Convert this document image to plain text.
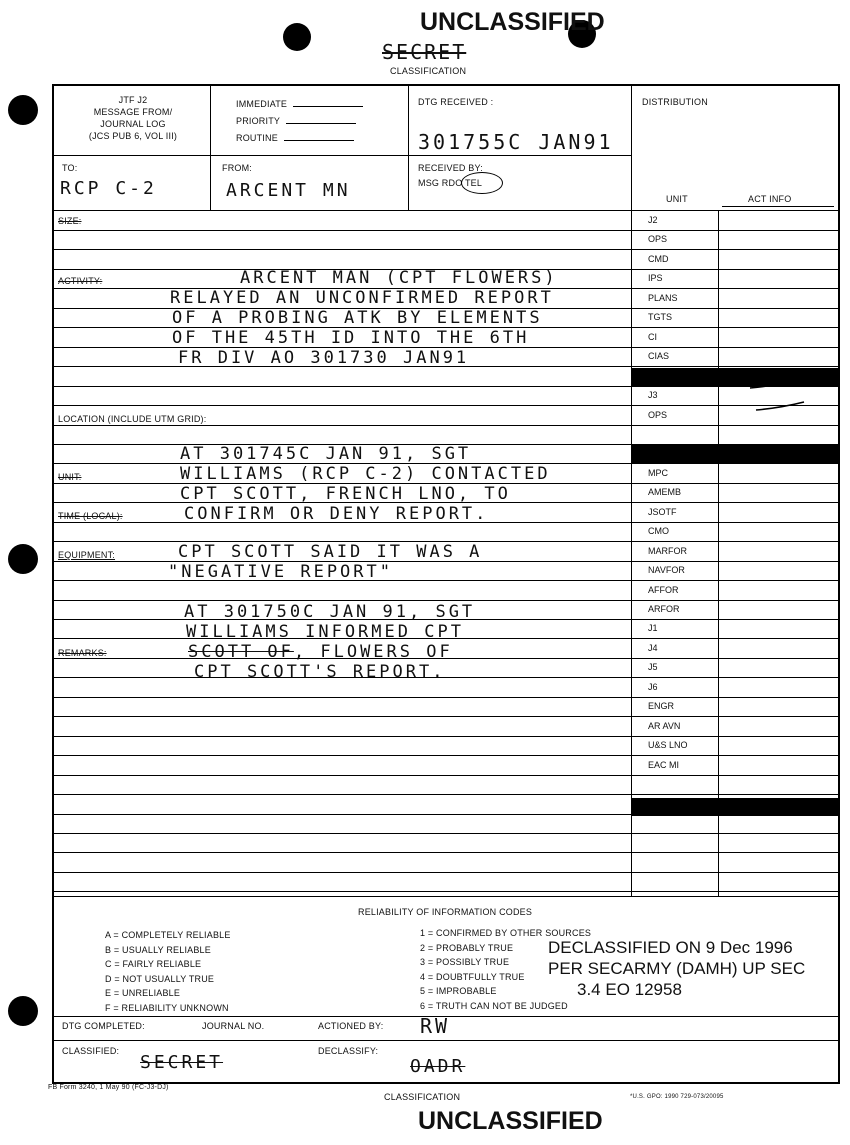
UNCLASSIFIED
SECRET
CLASSIFICATION
JTF J2
MESSAGE FROM/
JOURNAL LOG
(JCS PUB 6, VOL III)
IMMEDIATE
PRIORITY
ROUTINE
DTG RECEIVED :
301755C JAN91
DISTRIBUTION
TO:
RCP C-2
FROM:
ARCENT MN
RECEIVED BY:
MSG RDO TEL
UNIT	ACT INFO
SIZE:
ACTIVITY:
LOCATION (INCLUDE UTM GRID):
UNIT:
TIME (LOCAL):
EQUIPMENT:
REMARKS:
ARCENT MAN (CPT FLOWERS)
RELAYED AN UNCONFIRMED REPORT
OF A PROBING ATK BY ELEMENTS
OF THE 45TH ID INTO THE 6TH
FR DIV AO 301730 JAN91
AT 301745C JAN 91, SGT
WILLIAMS (RCP C-2) CONTACTED
CPT SCOTT, FRENCH LNO, TO
CONFIRM OR DENY REPORT.
CPT SCOTT SAID IT WAS A
"NEGATIVE REPORT"
AT 301750C JAN 91, SGT
WILLIAMS INFORMED CPT
SCOTT OF, FLOWERS OF
CPT SCOTT'S REPORT.
J2
OPS
CMD
IPS
PLANS
TGTS
CI
CIAS
J3
OPS
MPC
AMEMB
JSOTF
CMO
MARFOR
NAVFOR
AFFOR
ARFOR
J1
J4
J5
J6
ENGR
AR AVN
U&S LNO
EAC MI
RELIABILITY OF INFORMATION CODES
A = COMPLETELY RELIABLE
B = USUALLY RELIABLE
C = FAIRLY RELIABLE
D = NOT USUALLY TRUE
E = UNRELIABLE
F = RELIABILITY UNKNOWN
1 = CONFIRMED BY OTHER SOURCES
2 = PROBABLY TRUE
3 = POSSIBLY TRUE
4 = DOUBTFULLY TRUE
5 = IMPROBABLE
6 = TRUTH CAN NOT BE JUDGED
DECLASSIFIED ON 9 Dec 1996
PER SECARMY (DAMH) UP SEC
3.4 EO 12958
DTG COMPLETED:	JOURNAL NO.	ACTIONED BY: RW
CLASSIFIED:
SECRET
DECLASSIFY:
OADR
FB Form 3240, 1 May 90 (FC-J3-DJ)
CLASSIFICATION	*U.S. GPO: 1990 729-073/20095
UNCLASSIFIED
